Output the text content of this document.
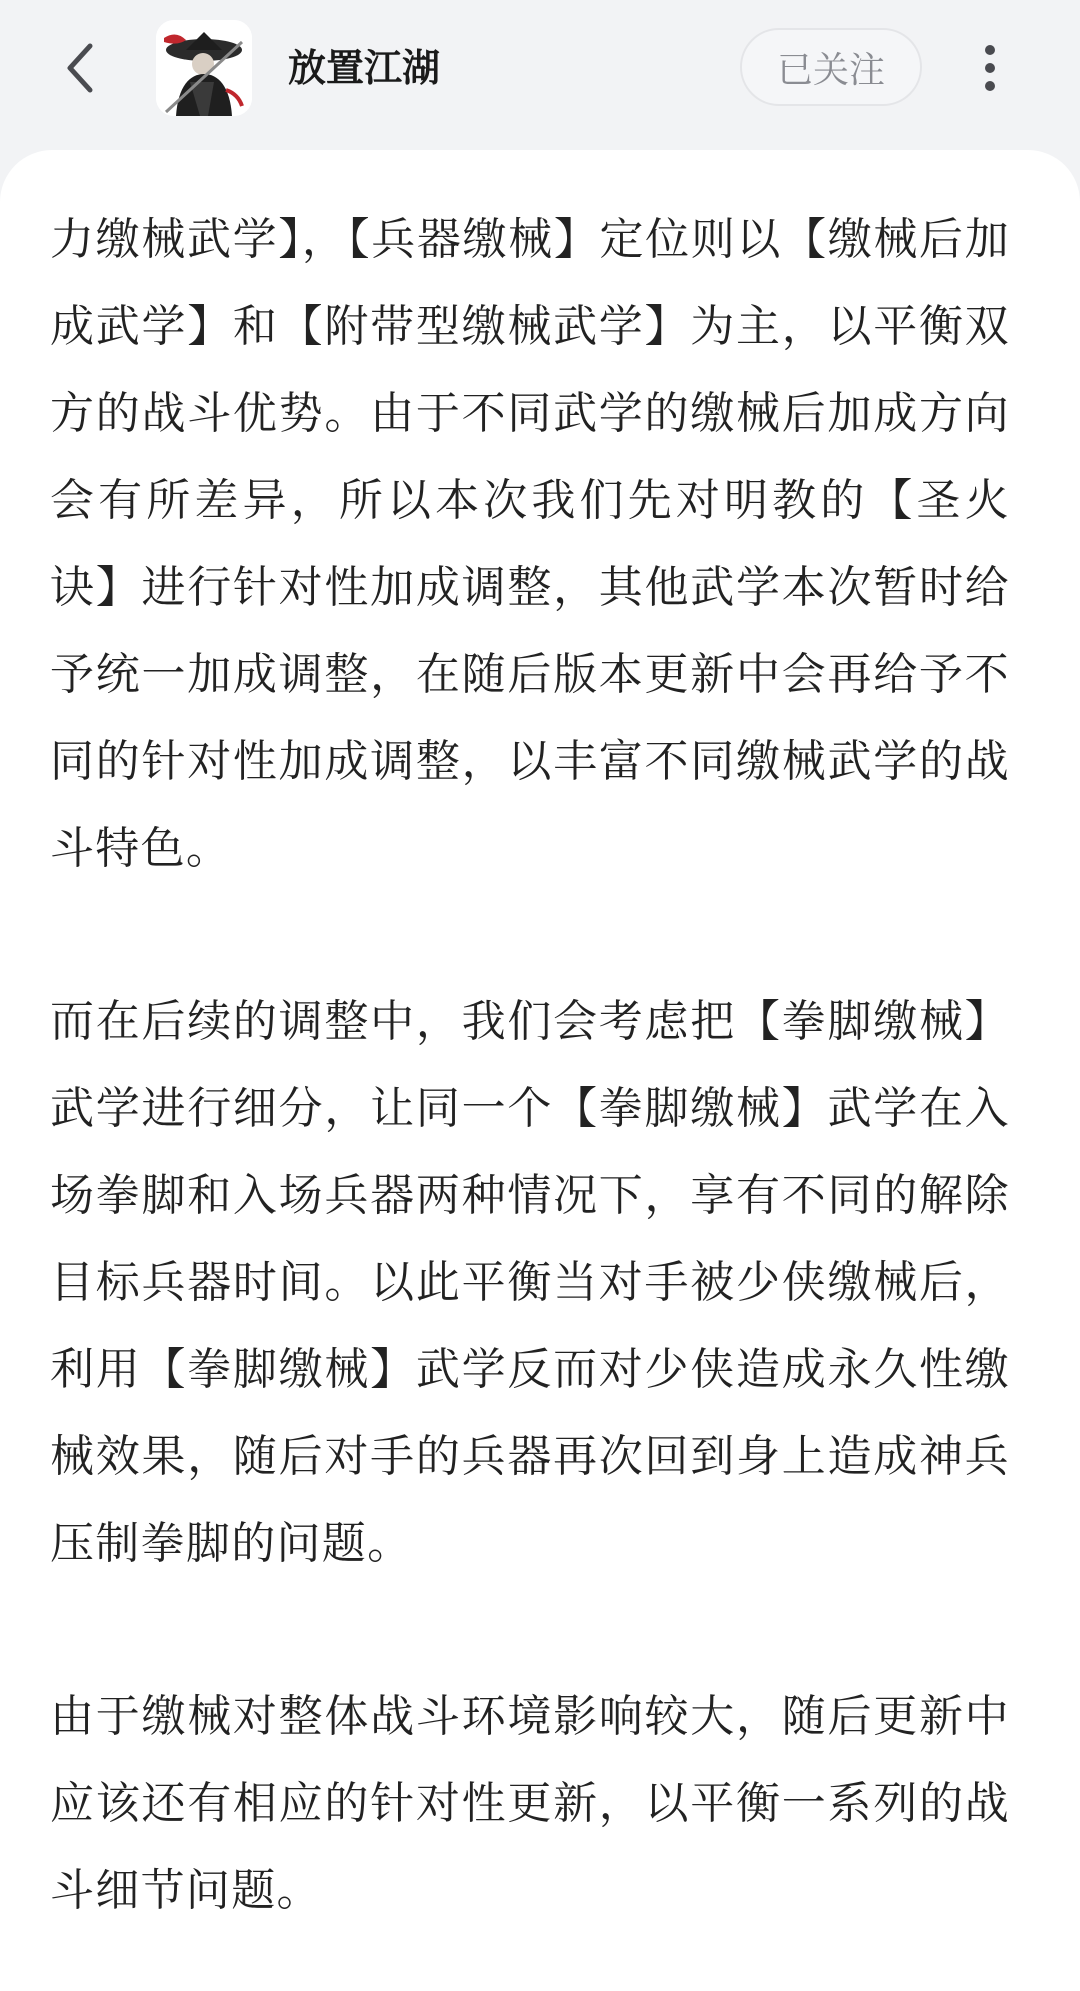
放置江湖	已关注

力缴械武学】，【兵器缴械】定位则以【缴械后加成武学】和【附带型缴械武学】为主，以平衡双方的战斗优势。由于不同武学的缴械后加成方向会有所差异，所以本次我们先对明教的【圣火诀】进行针对性加成调整，其他武学本次暂时给予统一加成调整，在随后版本更新中会再给予不同的针对性加成调整，以丰富不同缴械武学的战斗特色。

而在后续的调整中，我们会考虑把【拳脚缴械】武学进行细分，让同一个【拳脚缴械】武学在入场拳脚和入场兵器两种情况下，享有不同的解除目标兵器时间。以此平衡当对手被少侠缴械后，利用【拳脚缴械】武学反而对少侠造成永久性缴械效果，随后对手的兵器再次回到身上造成神兵压制拳脚的问题。

由于缴械对整体战斗环境影响较大，随后更新中应该还有相应的针对性更新，以平衡一系列的战斗细节问题。
